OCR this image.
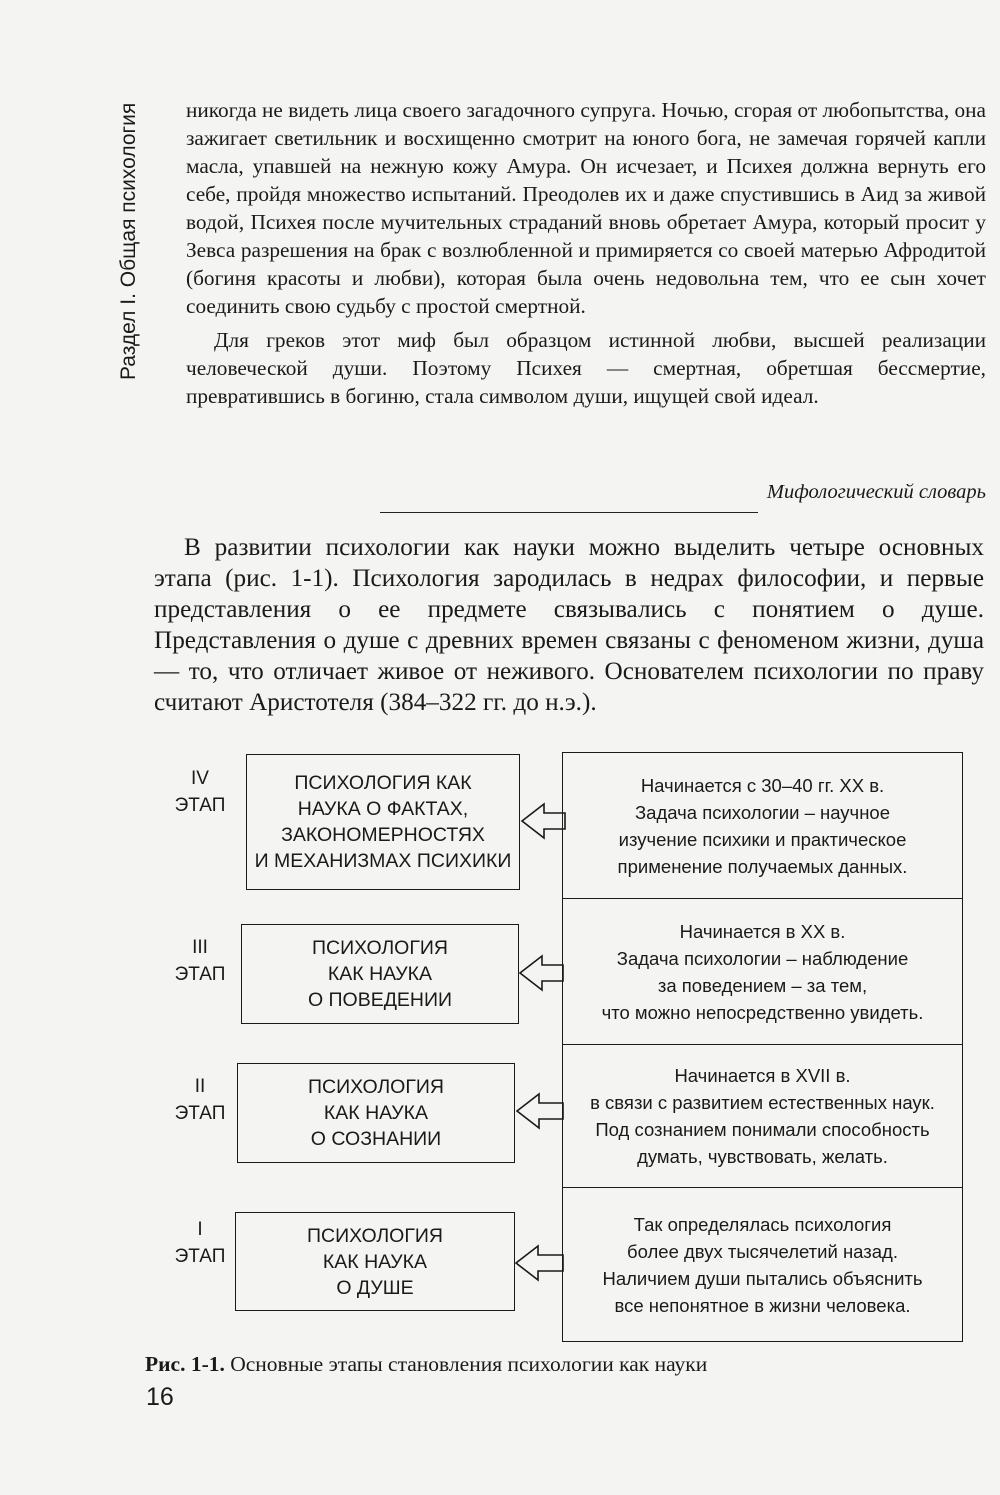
Раздел I. Общая психология никогда не видеть лица своего загадочного супруга. Ночью, сгорая от любопытства, она зажигает светильник и восхищенно смотрит на юного бога, не замечая горячей капли масла, упавшей на нежную кожу Амура. Он исчезает, и Психея должна вернуть его себе, пройдя множество испытаний. Преодолев их и даже спустившись в Аид за живой водой, Психея после мучительных страданий вновь обретает Амура, который просит у Зевса разрешения на брак с возлюбленной и примиряется со своей матерью Афродитой (богиня красоты и любви), которая была очень недовольна тем, что ее сын хочет соединить свою судьбу с простой смертной.

Для греков этот миф был образцом истинной любви, высшей реализации человеческой души. Поэтому Психея — смертная, обретшая бессмертие, превратившись в богиню, стала символом души, ищущей свой идеал.

Мифологический словарь

В развитии психологии как науки можно выделить четыре основных этапа (рис. 1-1). Психология зародилась в недрах философии, и первые представления о ее предмете связывались с понятием о душе. Представления о душе с древних времен связаны с феноменом жизни, душа — то, что отличает живое от неживого. Основателем психологии по праву считают Аристотеля (384–322 гг. до н.э.).

IV
ЭТАП
ПСИХОЛОГИЯ КАК
НАУКА О ФАКТАХ,
ЗАКОНОМЕРНОСТЯХ
И МЕХАНИЗМАХ ПСИХИКИ
III
ЭТАП
ПСИХОЛОГИЯ
КАК НАУКА
О ПОВЕДЕНИИ
II
ЭТАП
ПСИХОЛОГИЯ
КАК НАУКА
О СОЗНАНИИ
I
ЭТАП
ПСИХОЛОГИЯ
КАК НАУКА
О ДУШЕ
Начинается с 30–40 гг. XX в.
Задача психологии – научное
изучение психики и практическое
применение получаемых данных.
Начинается в XX в.
Задача психологии – наблюдение
за поведением – за тем,
что можно непосредственно увидеть.
Начинается в XVII в.
в связи с развитием естественных наук.
Под сознанием понимали способность
думать, чувствовать, желать.
Так определялась психология
более двух тысячелетий назад.
Наличием души пытались объяснить
все непонятное в жизни человека.
Рис. 1-1. Основные этапы становления психологии как науки
16
